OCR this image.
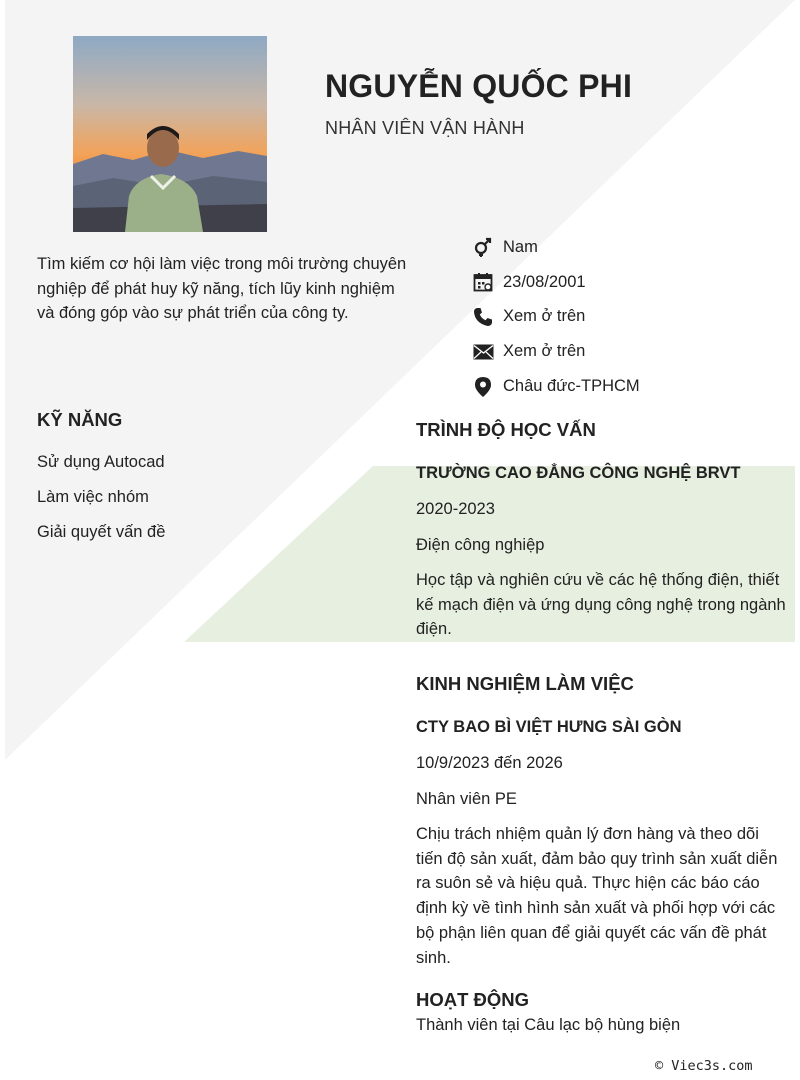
NGUYỄN QUỐC PHI
NHÂN VIÊN VẬN HÀNH
Tìm kiếm cơ hội làm việc trong môi trường chuyên nghiệp để phát huy kỹ năng, tích lũy kinh nghiệm và đóng góp vào sự phát triển của công ty.
Nam
23/08/2001
Xem ở trên
Xem ở trên
Châu đức-TPHCM
KỸ NĂNG
Sử dụng Autocad
Làm việc nhóm
Giải quyết vấn đề
TRÌNH ĐỘ HỌC VẤN
TRƯỜNG CAO ĐẲNG CÔNG NGHỆ BRVT
2020-2023
Điện công nghiệp
Học tập và nghiên cứu về các hệ thống điện, thiết kế mạch điện và ứng dụng công nghệ trong ngành điện.
KINH NGHIỆM LÀM VIỆC
CTY BAO BÌ VIỆT HƯNG SÀI GÒN
10/9/2023 đến 2026
Nhân viên PE
Chịu trách nhiệm quản lý đơn hàng và theo dõi tiến độ sản xuất, đảm bảo quy trình sản xuất diễn ra suôn sẻ và hiệu quả. Thực hiện các báo cáo định kỳ về tình hình sản xuất và phối hợp với các bộ phận liên quan để giải quyết các vấn đề phát sinh.
HOẠT ĐỘNG
Thành viên tại Câu lạc bộ hùng biện
© Viec3s.com
